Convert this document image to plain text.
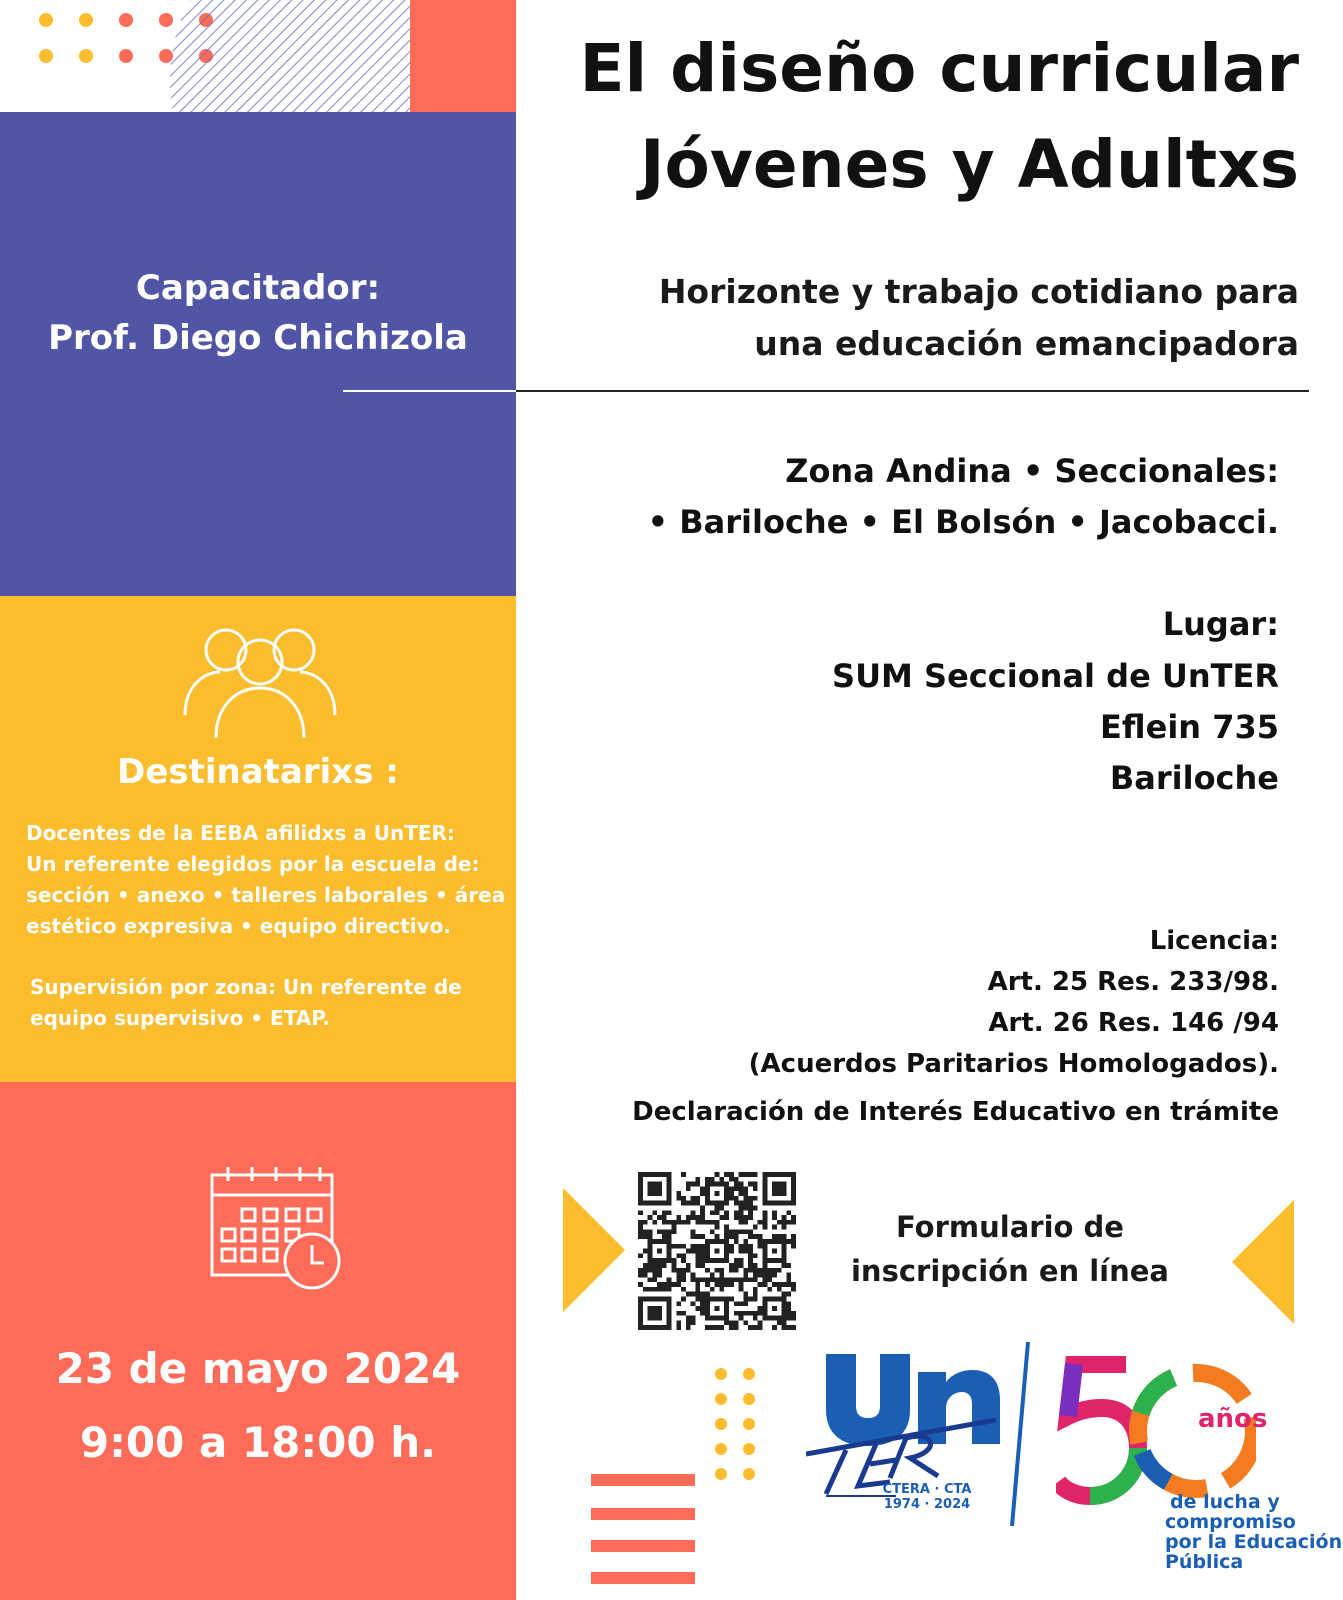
Capacitador:
Prof. Diego Chichizola
Destinatarixs :
Docentes de la EEBA afilidxs a UnTER:
Un referente elegidos por la escuela de:
sección • anexo • talleres laborales • área
estético expresiva • equipo directivo.
Supervisión por zona: Un referente de
equipo supervisivo • ETAP.
23 de mayo 2024
9:00 a 18:00 h.
El diseño curricular
Jóvenes y Adultxs
Horizonte y trabajo cotidiano para
una educación emancipadora
Zona Andina • Seccionales:
• Bariloche • El Bolsón • Jacobacci.
Lugar:
SUM Seccional de UnTER
Eflein 735
Bariloche
Licencia:
Art. 25 Res. 233/98.
Art. 26 Res. 146 /94
(Acuerdos Paritarios Homologados).
Declaración de Interés Educativo en trámite
Formulario de
inscripción en línea
CTERA · CTA
1974 · 2024
años
de lucha y
compromiso
por la Educación
Pública
